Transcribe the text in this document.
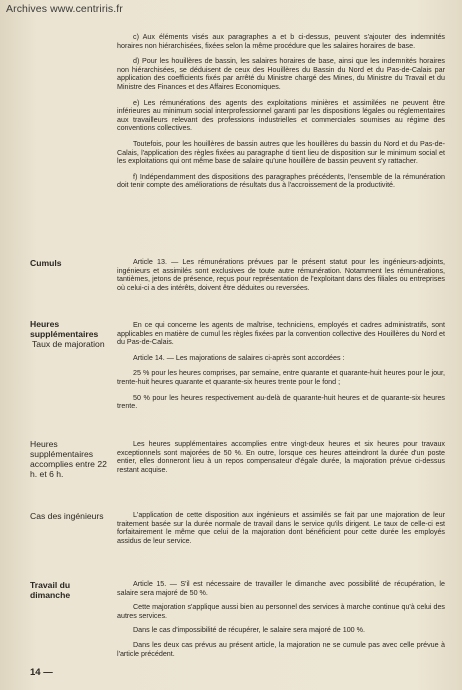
Archives www.centriris.fr

c) Aux éléments visés aux paragraphes a et b ci-dessus, peuvent s'ajouter des indemnités horaires non hiérarchisées, fixées selon la même procédure que les salaires horaires de base.

d) Pour les houillères de bassin, les salaires horaires de base, ainsi que les indemnités horaires non hiérarchisées, se déduisent de ceux des Houillères du Bassin du Nord et du Pas-de-Calais par application des coefficients fixés par arrêté du Ministre chargé des Mines, du Ministre du Travail et du Ministre des Finances et des Affaires Economiques.

e) Les rémunérations des agents des exploitations minières et assimilées ne peuvent être inférieures au minimum social interprofessionnel garanti par les dispositions légales ou réglementaires aux travailleurs relevant des professions industrielles et commerciales soumises au régime des conventions collectives.

Toutefois, pour les houillères de bassin autres que les houillères du bassin du Nord et du Pas-de-Calais, l'application des règles fixées au paragraphe d tient lieu de disposition sur le minimum social et les exploitations qui ont même base de salaire qu'une houillère de bassin peuvent s'y rattacher.

f) Indépendamment des dispositions des paragraphes précédents, l'ensemble de la rémunération doit tenir compte des améliorations de résultats dus à l'accroissement de la productivité.

Cumuls	Article 13. — Les rémunérations prévues par le présent statut pour les ingénieurs-adjoints, ingénieurs et assimilés sont exclusives de toute autre rémunération. Notamment les rémunérations, tantièmes, jetons de présence, reçus pour représentation de l'exploitant dans des filiales ou entreprises où celui-ci a des intérêts, doivent être déduites ou reversées.

Heures supplémentaires
Taux de majoration

En ce qui concerne les agents de maîtrise, techniciens, employés et cadres administratifs, sont applicables en matière de cumul les règles fixées par la convention collective des Houillères du Nord et du Pas-de-Calais.

Article 14. — Les majorations de salaires ci-après sont accordées :

25 % pour les heures comprises, par semaine, entre quarante et quarante-huit heures pour le jour, trente-huit heures quarante et quarante-six heures trente pour le fond ;

50 % pour les heures respectivement au-delà de quarante-huit heures et de quarante-six heures trente.

Heures supplémentaires accomplies entre 22 h. et 6 h.

Les heures supplémentaires accomplies entre vingt-deux heures et six heures pour travaux exceptionnels sont majorées de 50 %. En outre, lorsque ces heures atteindront la durée d'un poste entier, elles donneront lieu à un repos compensateur d'égale durée, la majoration prévue ci-dessus restant acquise.

Cas des ingénieurs	L'application de cette disposition aux ingénieurs et assimilés se fait par une majoration de leur traitement basée sur la durée normale de travail dans le service qu'ils dirigent. Le taux de celle-ci est forfaitairement le même que celui de la majoration dont bénéficient pour cette durée les employés assidus de leur service.

Travail du dimanche

Article 15. — S'il est nécessaire de travailler le dimanche avec possibilité de récupération, le salaire sera majoré de 50 %.

Cette majoration s'applique aussi bien au personnel des services à marche continue qu'à celui des autres services.

Dans le cas d'impossibilité de récupérer, le salaire sera majoré de 100 %.

Dans les deux cas prévus au présent article, la majoration ne se cumule pas avec celle prévue à l'article précédent.

14 —
